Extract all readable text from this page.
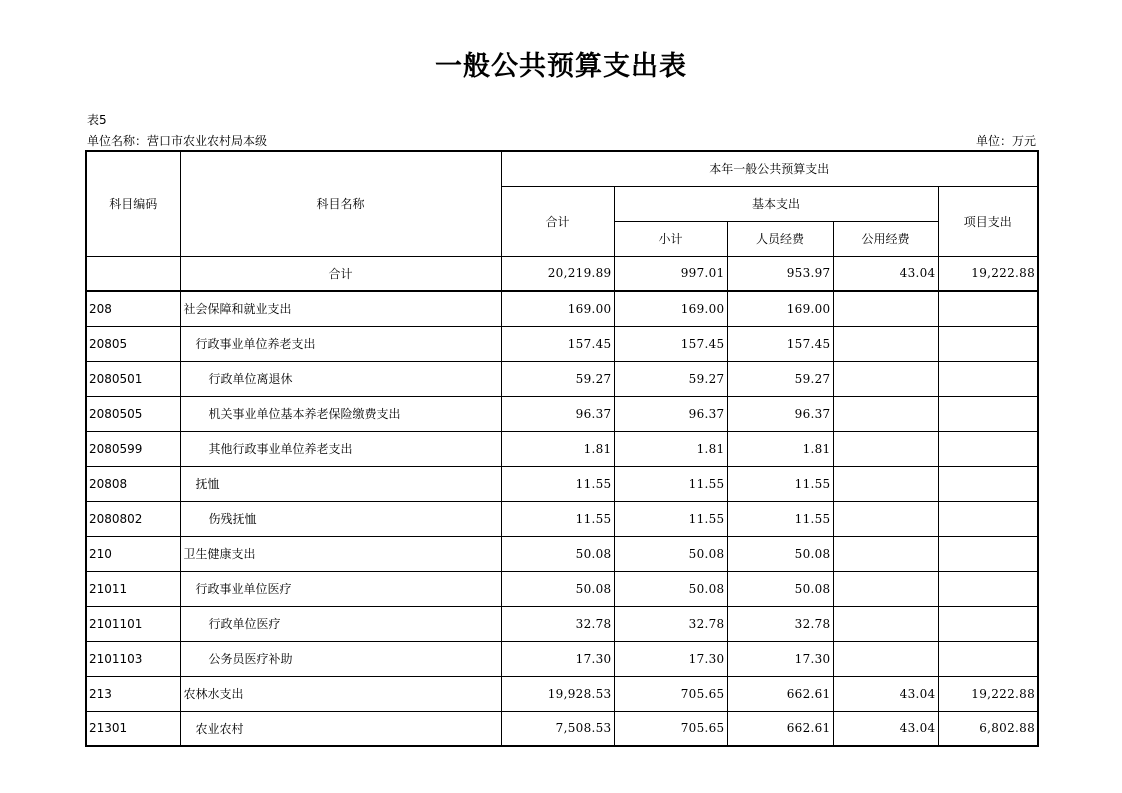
一般公共预算支出表
表5
单位名称：营口市农业农村局本级	单位：万元
科目编码	科目名称	本年一般公共预算支出				
		合计	基本支出			项目支出
			小计	人员经费	公用经费	
	合计	20,219.89	997.01	953.97	43.04	19,222.88
208	社会保障和就业支出	169.00	169.00	169.00		
20805	行政事业单位养老支出	157.45	157.45	157.45		
2080501	行政单位离退休	59.27	59.27	59.27		
2080505	机关事业单位基本养老保险缴费支出	96.37	96.37	96.37		
2080599	其他行政事业单位养老支出	1.81	1.81	1.81		
20808	抚恤	11.55	11.55	11.55		
2080802	伤残抚恤	11.55	11.55	11.55		
210	卫生健康支出	50.08	50.08	50.08		
21011	行政事业单位医疗	50.08	50.08	50.08		
2101101	行政单位医疗	32.78	32.78	32.78		
2101103	公务员医疗补助	17.30	17.30	17.30		
213	农林水支出	19,928.53	705.65	662.61	43.04	19,222.88
21301	农业农村	7,508.53	705.65	662.61	43.04	6,802.88
